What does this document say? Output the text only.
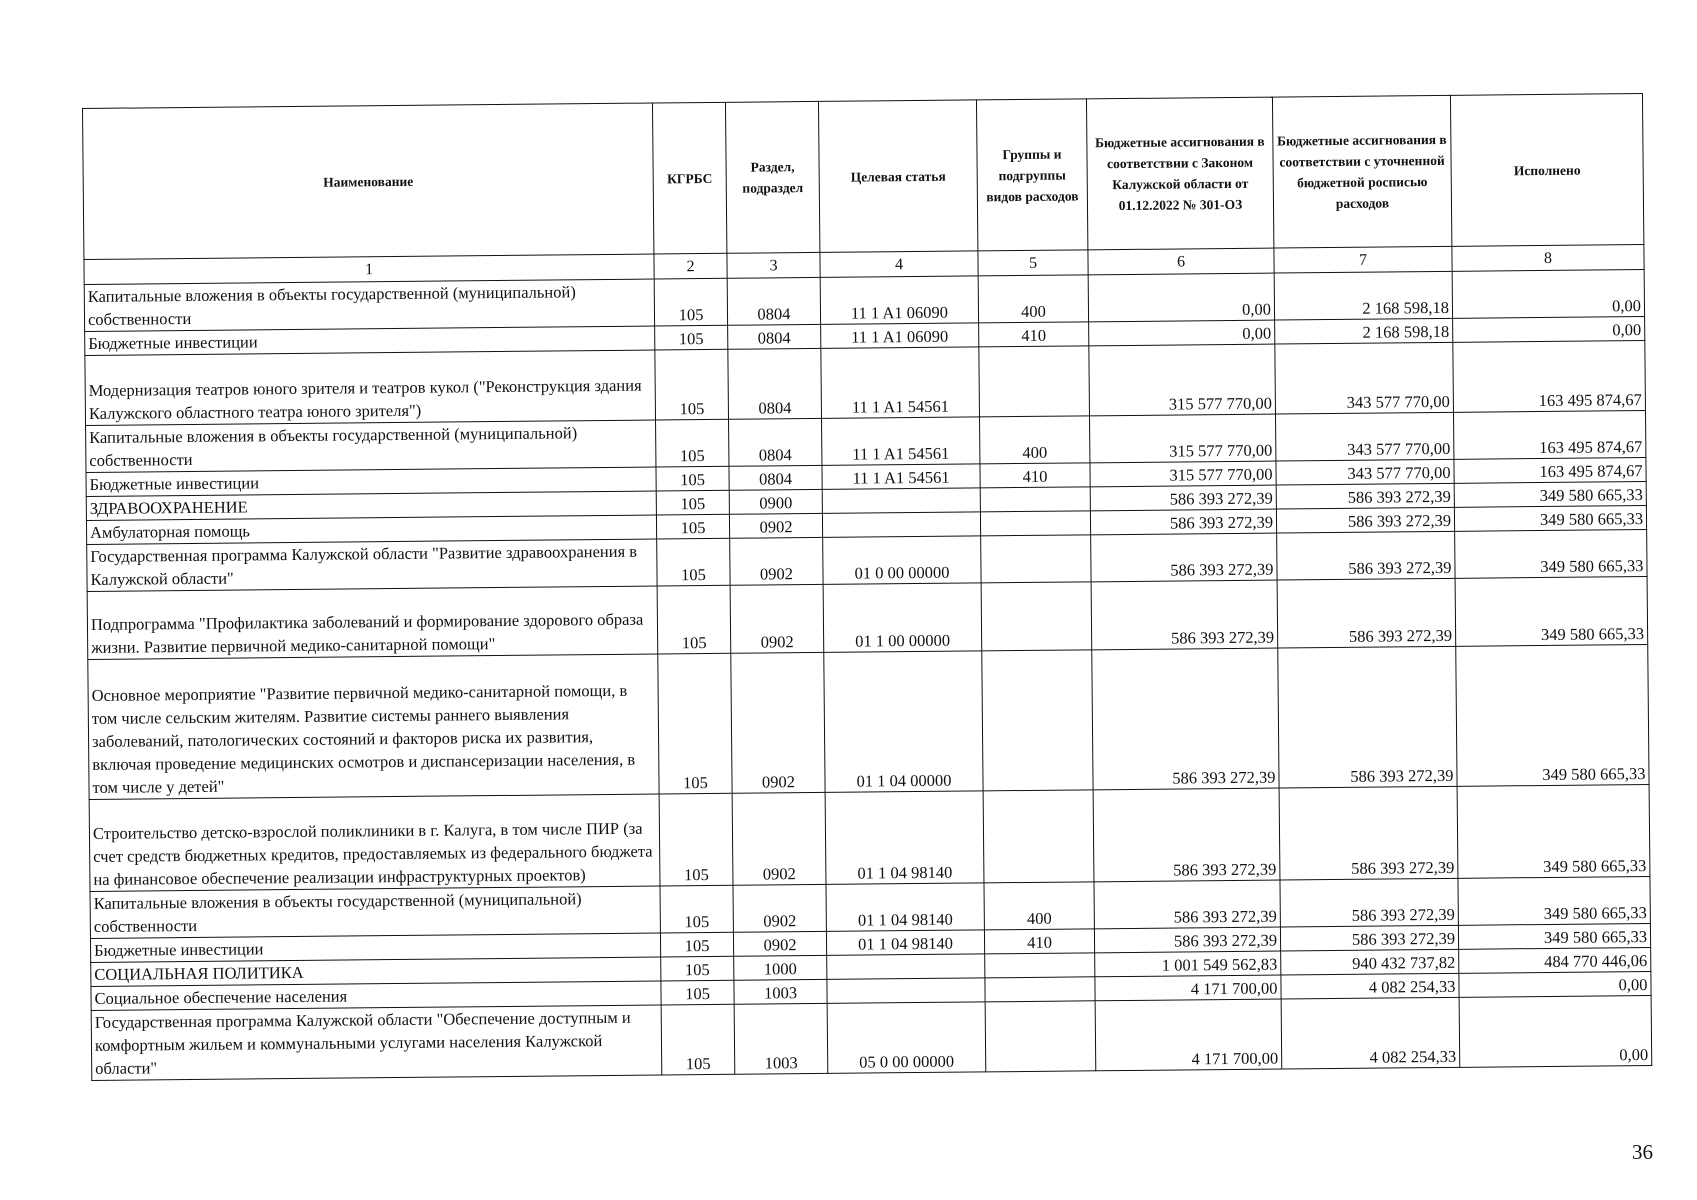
Наименование	КГРБС	Раздел, подраздел	Целевая статья	Группы и подгруппы видов расходов	Бюджетные ассигнования в соответствии с Законом Калужской области от 01.12.2022 № 301-ОЗ	Бюджетные ассигнования в соответствии с уточненной бюджетной росписью расходов	Исполнено
1	2	3	4	5	6	7	8
Капитальные вложения в объекты государственной (муниципальной) собственности	105	0804	11 1 A1 06090	400	0,00	2 168 598,18	0,00
Бюджетные инвестиции	105	0804	11 1 A1 06090	410	0,00	2 168 598,18	0,00
Модернизация театров юного зрителя и театров кукол ("Реконструкция здания Калужского областного театра юного зрителя")	105	0804	11 1 A1 54561		315 577 770,00	343 577 770,00	163 495 874,67
Капитальные вложения в объекты государственной (муниципальной) собственности	105	0804	11 1 A1 54561	400	315 577 770,00	343 577 770,00	163 495 874,67
Бюджетные инвестиции	105	0804	11 1 A1 54561	410	315 577 770,00	343 577 770,00	163 495 874,67
ЗДРАВООХРАНЕНИЕ	105	0900			586 393 272,39	586 393 272,39	349 580 665,33
Амбулаторная помощь	105	0902			586 393 272,39	586 393 272,39	349 580 665,33
Государственная программа Калужской области "Развитие здравоохранения в Калужской области"	105	0902	01 0 00 00000		586 393 272,39	586 393 272,39	349 580 665,33
Подпрограмма "Профилактика заболеваний и формирование здорового образа жизни. Развитие первичной медико-санитарной помощи"	105	0902	01 1 00 00000		586 393 272,39	586 393 272,39	349 580 665,33
Основное мероприятие "Развитие первичной медико-санитарной помощи, в том числе сельским жителям. Развитие системы раннего выявления заболеваний, патологических состояний и факторов риска их развития, включая проведение медицинских осмотров и диспансеризации населения, в том числе у детей"	105	0902	01 1 04 00000		586 393 272,39	586 393 272,39	349 580 665,33
Строительство детско-взрослой поликлиники в г. Калуга, в том числе ПИР (за счет средств бюджетных кредитов, предоставляемых из федерального бюджета на финансовое обеспечение реализации инфраструктурных проектов)	105	0902	01 1 04 98140		586 393 272,39	586 393 272,39	349 580 665,33
Капитальные вложения в объекты государственной (муниципальной) собственности	105	0902	01 1 04 98140	400	586 393 272,39	586 393 272,39	349 580 665,33
Бюджетные инвестиции	105	0902	01 1 04 98140	410	586 393 272,39	586 393 272,39	349 580 665,33
СОЦИАЛЬНАЯ ПОЛИТИКА	105	1000			1 001 549 562,83	940 432 737,82	484 770 446,06
Социальное обеспечение населения	105	1003			4 171 700,00	4 082 254,33	0,00
Государственная программа Калужской области "Обеспечение доступным и комфортным жильем и коммунальными услугами населения Калужской области"	105	1003	05 0 00 00000		4 171 700,00	4 082 254,33	0,00
36
